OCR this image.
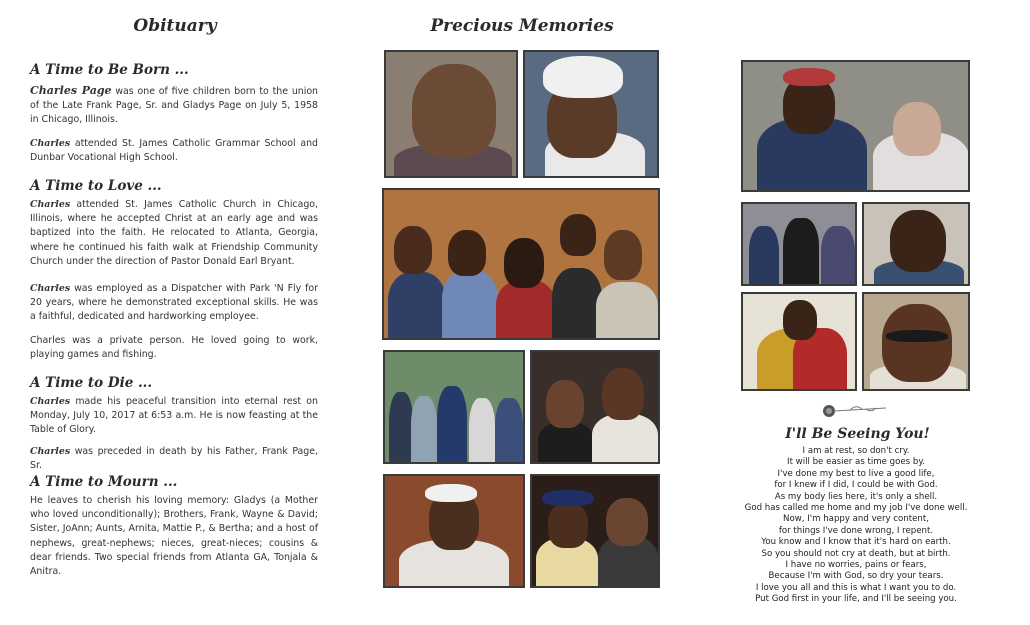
Obituary
A Time to Be Born ...
Charles Page was one of five children born to the union of the Late Frank Page, Sr. and Gladys Page on July 5, 1958 in Chicago, Illinois.
Charles attended St. James Catholic Grammar School and Dunbar Vocational High School.
A Time to Love ...
Charles attended St. James Catholic Church in Chicago, Illinois, where he accepted Christ at an early age and was baptized into the faith. He relocated to Atlanta, Georgia, where he continued his faith walk at Friendship Community Church under the direction of Pastor Donald Earl Bryant.
Charles was employed as a Dispatcher with Park 'N Fly for 20 years, where he demonstrated exceptional skills. He was a faithful, dedicated and hardworking employee.
Charles was a private person. He loved going to work, playing games and fishing.
A Time to Die ...
Charles made his peaceful transition into eternal rest on Monday, July 10, 2017 at 6:53 a.m. He is now feasting at the Table of Glory.
Charles was preceded in death by his Father, Frank Page, Sr.
A Time to Mourn ...
He leaves to cherish his loving memory: Gladys (a Mother who loved unconditionally); Brothers, Frank, Wayne & David; Sister, JoAnn; Aunts, Arnita, Mattie P., & Bertha; and a host of nephews, great-nephews; nieces, great-nieces; cousins & dear friends. Two special friends from Atlanta GA, Tonjala & Anitra.
Precious Memories
I'll Be Seeing You!
I am at rest, so don't cry.
It will be easier as time goes by.
I've done my best to live a good life,
for I knew if I did, I could be with God.
As my body lies here, it's only a shell.
God has called me home and my job I've done well.
Now, I'm happy and very content,
for things I've done wrong, I repent.
You know and I know that it's hard on earth.
So you should not cry at death, but at birth.
I have no worries, pains or fears,
Because I'm with God, so dry your tears.
I love you all and this is what I want you to do.
Put God first in your life, and I'll be seeing you.
